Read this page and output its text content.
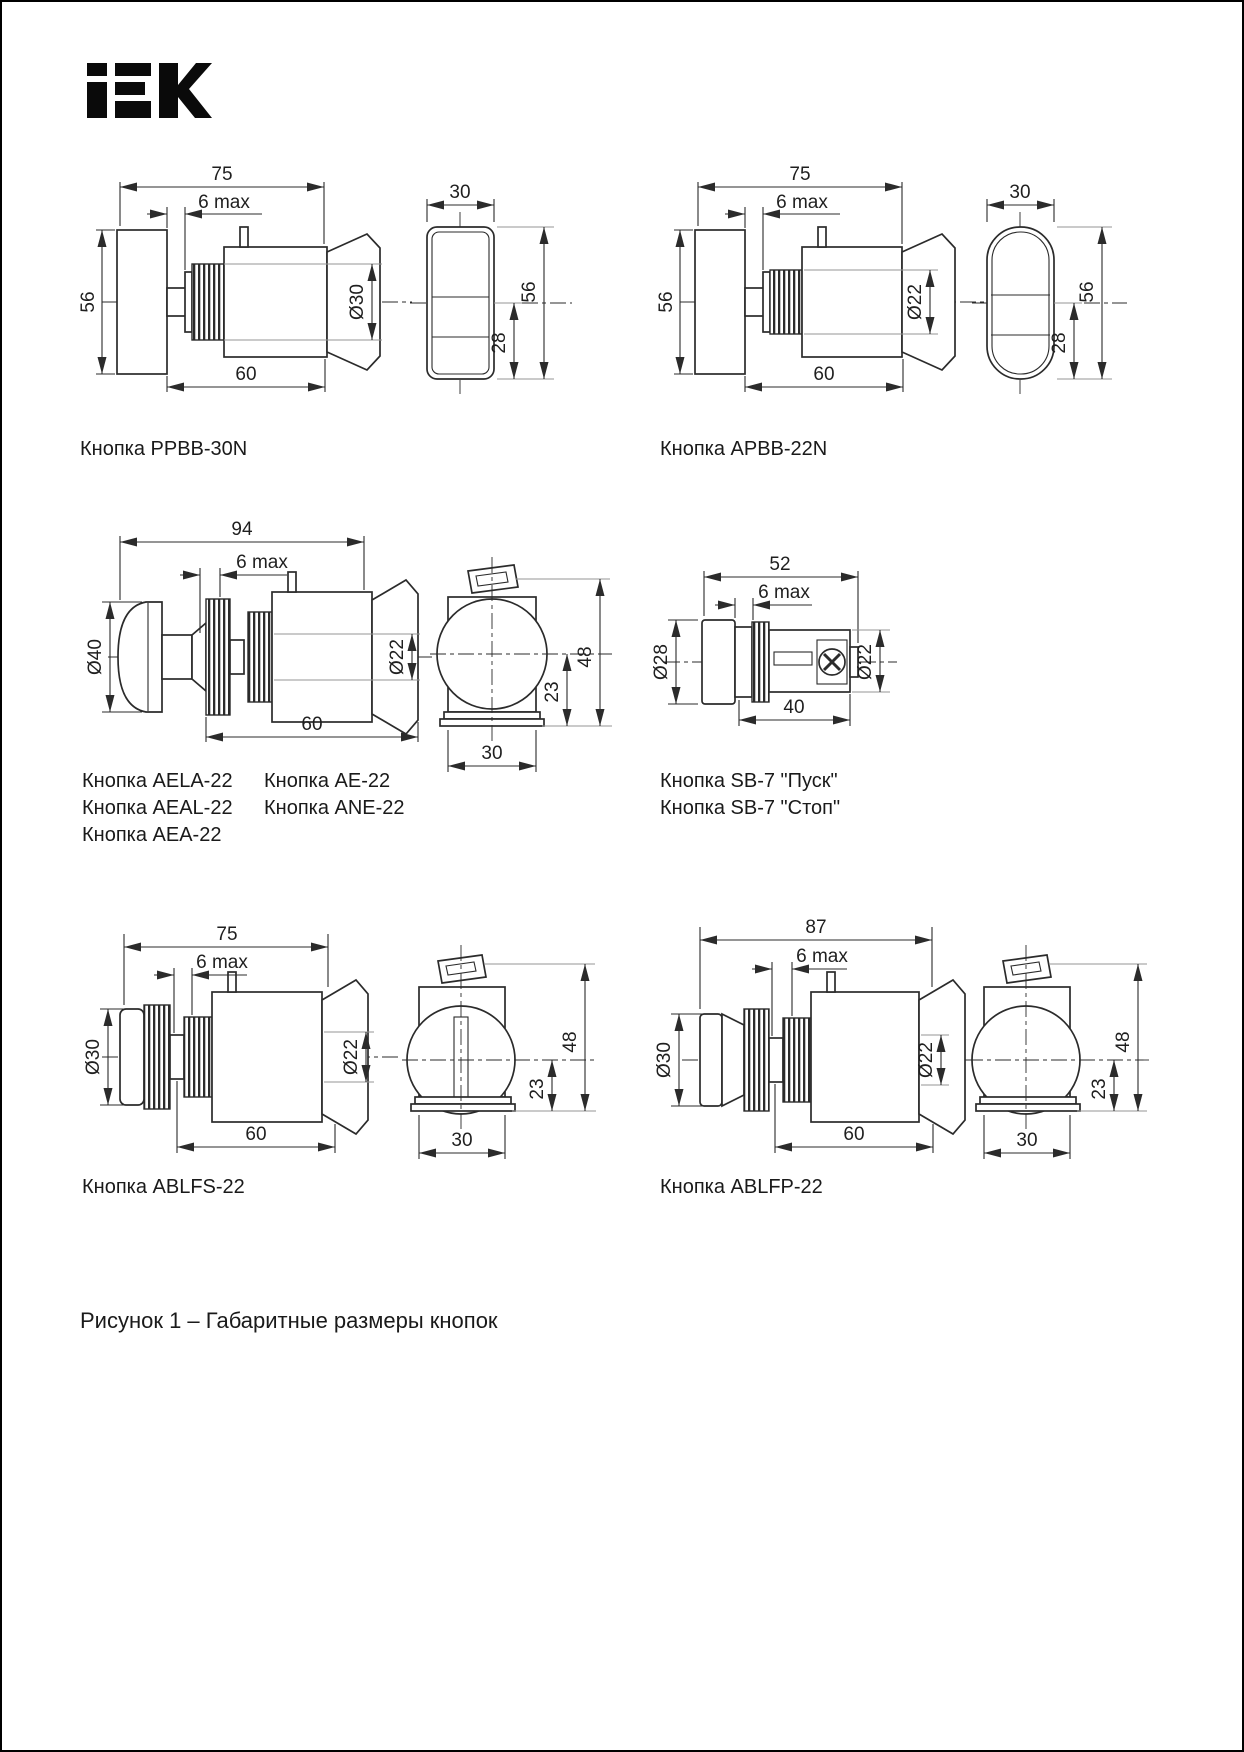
75
6 max
56	Ø30
60
30
56
28
Кнопка PPBB-30N
75
6 max
56	Ø22
60
30
56
28
Кнопка APBB-22N
94
6 max
Ø40	Ø22
60
30
23
48
Кнопка AELA-22
Кнопка AEAL-22
Кнопка AEA-22
Кнопка AE-22
Кнопка ANE-22
52
6 max
Ø28	Ø22
40
Кнопка SB-7 "Пуск"
Кнопка SB-7 "Стоп"
75
6 max
Ø30	Ø22
60	30
23
48
Кнопка ABLFS-22
87
6 max
Ø30	Ø22
60	30
23
48
Кнопка ABLFP-22
Рисунок 1 – Габаритные размеры кнопок
